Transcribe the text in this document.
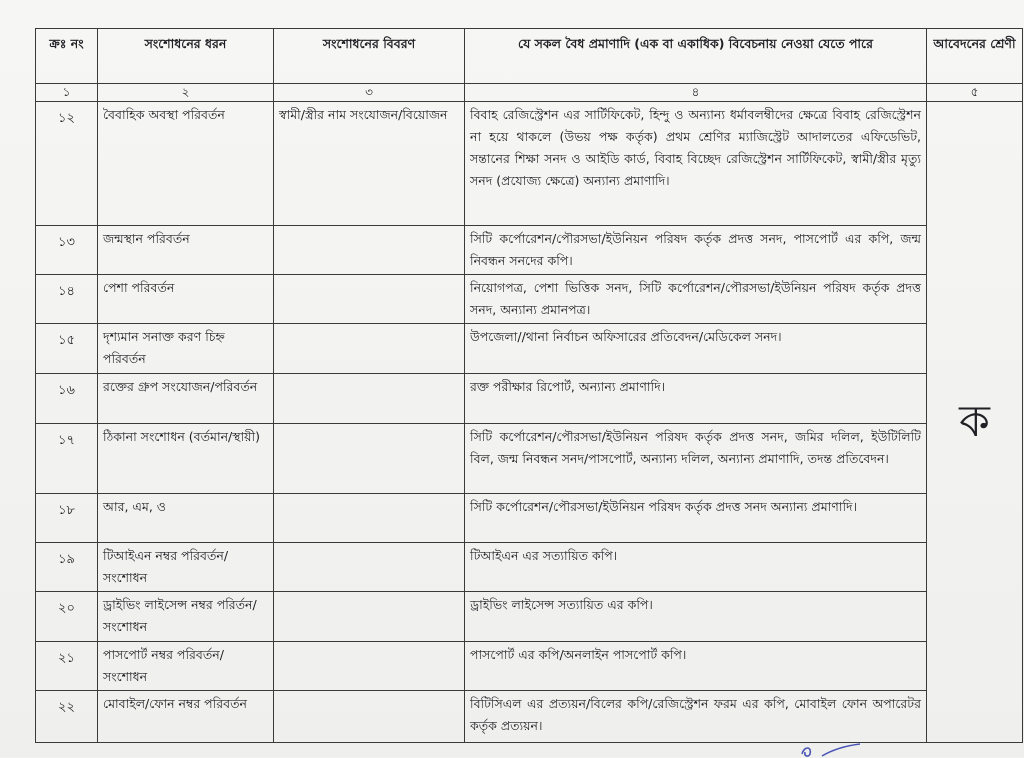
ক্রঃ নং	সংশোধনের ধরন	সংশোধনের বিবরণ	যে সকল বৈধ প্রমাণাদি (এক বা একাধিক) বিবেচনায় নেওয়া যেতে পারে	আবেদনের শ্রেণী
১	২	৩	৪	৫
১২	বৈবাহিক অবস্থা পরিবর্তন	স্বামী/স্ত্রীর নাম সংযোজন/বিয়োজন	বিবাহ রেজিস্ট্রেশন এর সার্টিফিকেট, হিন্দু ও অন্যান্য ধর্মাবলম্বীদের ক্ষেত্রে বিবাহ রেজিস্ট্রেশন না হয়ে থাকলে (উভয় পক্ষ কর্তৃক) প্রথম শ্রেণির ম্যাজিস্ট্রেট আদালতের এফিডেভিট, সন্তানের শিক্ষা সনদ ও আইডি কার্ড, বিবাহ বিচ্ছেদ রেজিস্ট্রেশন সার্টিফিকেট, স্বামী/স্ত্রীর মৃত্যু সনদ (প্রযোজ্য ক্ষেত্রে) অন্যান্য প্রমাণাদি।	ক
১৩	জন্মস্থান পরিবর্তন		সিটি কর্পোরেশন/পৌরসভা/ইউনিয়ন পরিষদ কর্তৃক প্রদত্ত সনদ, পাসপোর্ট এর কপি, জন্ম নিবন্ধন সনদের কপি।	
১৪	পেশা পরিবর্তন		নিয়োগপত্র, পেশা ভিত্তিক সনদ, সিটি কর্পোরেশন/পৌরসভা/ইউনিয়ন পরিষদ কর্তৃক প্রদত্ত সনদ, অন্যান্য প্রমানপত্র।	
১৫	দৃশ্যমান সনাক্ত করণ চিহ্ন পরিবর্তন		উপজেলা//থানা নির্বাচন অফিসারের প্রতিবেদন/মেডিকেল সনদ।	
১৬	রক্তের গ্রুপ সংযোজন/পরিবর্তন		রক্ত পরীক্ষার রিপোর্ট, অন্যান্য প্রমাণাদি।	
১৭	ঠিকানা সংশোধন (বর্তমান/স্থায়ী)		সিটি কর্পোরেশন/পৌরসভা/ইউনিয়ন পরিষদ কর্তৃক প্রদত্ত সনদ, জমির দলিল, ইউটিলিটি বিল, জন্ম নিবন্ধন সনদ/পাসপোর্ট, অন্যান্য দলিল, অন্যান্য প্রমাণাদি, তদন্ত প্রতিবেদন।	
১৮	আর, এম, ও		সিটি কর্পোরেশন/পৌরসভা/ইউনিয়ন পরিষদ কর্তৃক প্রদত্ত সনদ অন্যান্য প্রমাণাদি।	
১৯	টিআইএন নম্বর পরিবর্তন/সংশোধন		টিআইএন এর সত্যায়িত কপি।	
২০	ড্রাইভিং লাইসেন্স নম্বর পরির্তন/সংশোধন		ড্রাইভিং লাইসেন্স সত্যায়িত এর কপি।	
২১	পাসপোর্ট নম্বর পরিবর্তন/সংশোধন		পাসপোর্ট এর কপি/অনলাইন পাসপোর্ট কপি।	
২২	মোবাইল/ফোন নম্বর পরিবর্তন		বিটিসিএল এর প্রত্যয়ন/বিলের কপি/রেজিস্ট্রেশন ফরম এর কপি, মোবাইল ফোন অপারেটর কর্তৃক প্রত্যয়ন।	
